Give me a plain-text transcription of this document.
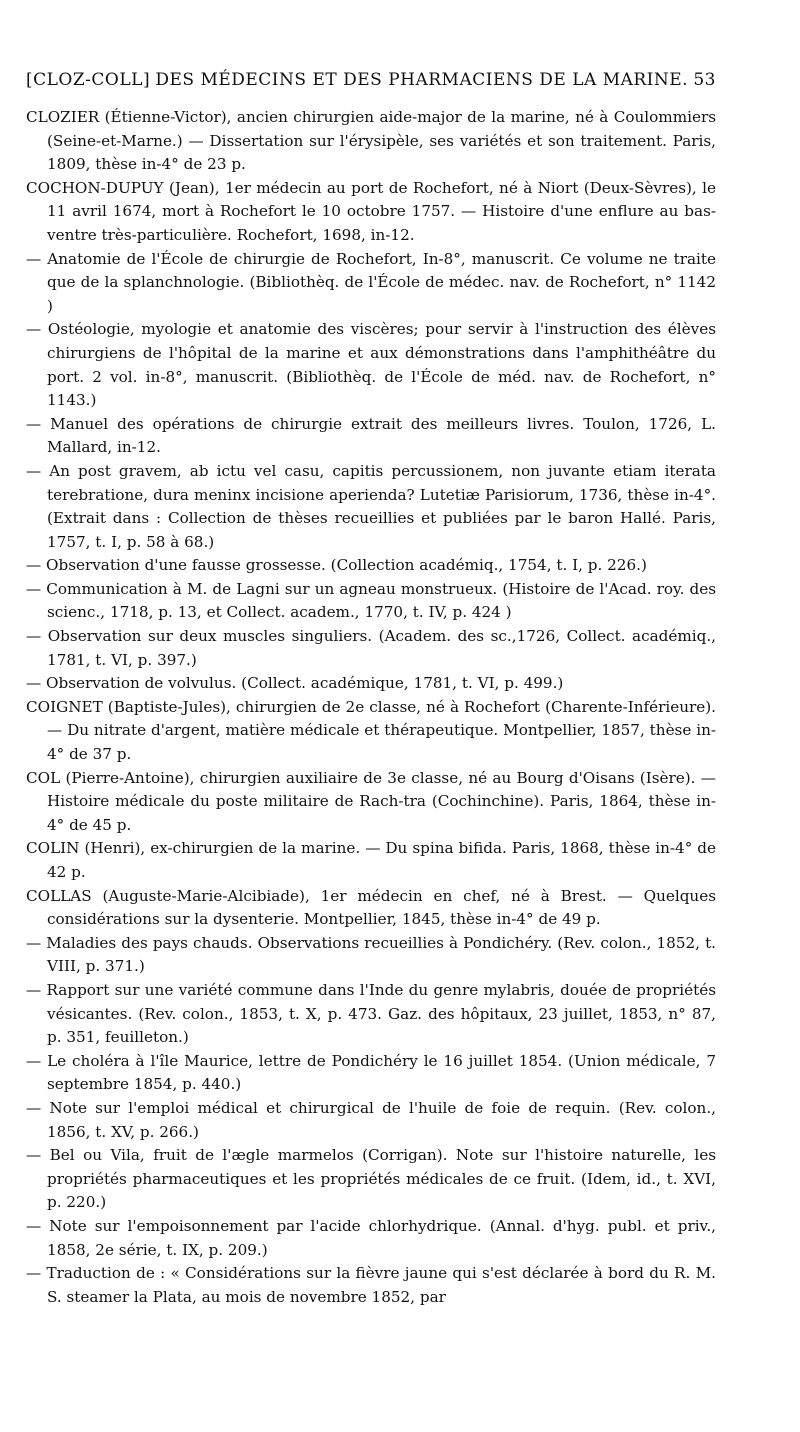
[CLOZ-COLL] DES MÉDECINS ET DES PHARMACIENS DE LA MARINE. 53

CLOZIER (Étienne-Victor), ancien chirurgien aide-major de la marine, né à Coulommiers (Seine-et-Marne.) — Dissertation sur l'érysipèle, ses variétés et son traitement. Paris, 1809, thèse in-4° de 23 p.

COCHON-DUPUY (Jean), 1er médecin au port de Rochefort, né à Niort (Deux-Sèvres), le 11 avril 1674, mort à Rochefort le 10 octobre 1757. — Histoire d'une enflure au bas-ventre très-particulière. Rochefort, 1698, in-12.

— Anatomie de l'École de chirurgie de Rochefort, In-8°, manuscrit. Ce volume ne traite que de la splanchnologie. (Bibliothèq. de l'École de médec. nav. de Rochefort, n° 1142 )

— Ostéologie, myologie et anatomie des viscères; pour servir à l'instruction des élèves chirurgiens de l'hôpital de la marine et aux démonstrations dans l'amphithéâtre du port. 2 vol. in-8°, manuscrit. (Bibliothèq. de l'École de méd. nav. de Rochefort, n° 1143.)

— Manuel des opérations de chirurgie extrait des meilleurs livres. Toulon, 1726, L. Mallard, in-12.

— An post gravem, ab ictu vel casu, capitis percussionem, non juvante etiam iterata terebratione, dura meninx incisione aperienda? Lutetiæ Parisiorum, 1736, thèse in-4°. (Extrait dans : Collection de thèses recueillies et publiées par le baron Hallé. Paris, 1757, t. I, p. 58 à 68.)

— Observation d'une fausse grossesse. (Collection académiq., 1754, t. I, p. 226.)

— Communication à M. de Lagni sur un agneau monstrueux. (Histoire de l'Acad. roy. des scienc., 1718, p. 13, et Collect. academ., 1770, t. IV, p. 424 )

— Observation sur deux muscles singuliers. (Academ. des sc.,1726, Collect. académiq., 1781, t. VI, p. 397.)

— Observation de volvulus. (Collect. académique, 1781, t. VI, p. 499.)

COIGNET (Baptiste-Jules), chirurgien de 2e classe, né à Rochefort (Charente-Inférieure). — Du nitrate d'argent, matière médicale et thérapeutique. Montpellier, 1857, thèse in-4° de 37 p.

COL (Pierre-Antoine), chirurgien auxiliaire de 3e classe, né au Bourg d'Oisans (Isère). — Histoire médicale du poste militaire de Rach-tra (Cochinchine). Paris, 1864, thèse in-4° de 45 p.

COLIN (Henri), ex-chirurgien de la marine. — Du spina bifida. Paris, 1868, thèse in-4° de 42 p.

COLLAS (Auguste-Marie-Alcibiade), 1er médecin en chef, né à Brest. — Quelques considérations sur la dysenterie. Montpellier, 1845, thèse in-4° de 49 p.

— Maladies des pays chauds. Observations recueillies à Pondichéry. (Rev. colon., 1852, t. VIII, p. 371.)

— Rapport sur une variété commune dans l'Inde du genre mylabris, douée de propriétés vésicantes. (Rev. colon., 1853, t. X, p. 473. Gaz. des hôpitaux, 23 juillet, 1853, n° 87, p. 351, feuilleton.)

— Le choléra à l'île Maurice, lettre de Pondichéry le 16 juillet 1854. (Union médicale, 7 septembre 1854, p. 440.)

— Note sur l'emploi médical et chirurgical de l'huile de foie de requin. (Rev. colon., 1856, t. XV, p. 266.)

— Bel ou Vila, fruit de l'ægle marmelos (Corrigan). Note sur l'histoire naturelle, les propriétés pharmaceutiques et les propriétés médicales de ce fruit. (Idem, id., t. XVI, p. 220.)

— Note sur l'empoisonnement par l'acide chlorhydrique. (Annal. d'hyg. publ. et priv., 1858, 2e série, t. IX, p. 209.)

— Traduction de : « Considérations sur la fièvre jaune qui s'est déclarée à bord du R. M. S. steamer la Plata, au mois de novembre 1852, par
